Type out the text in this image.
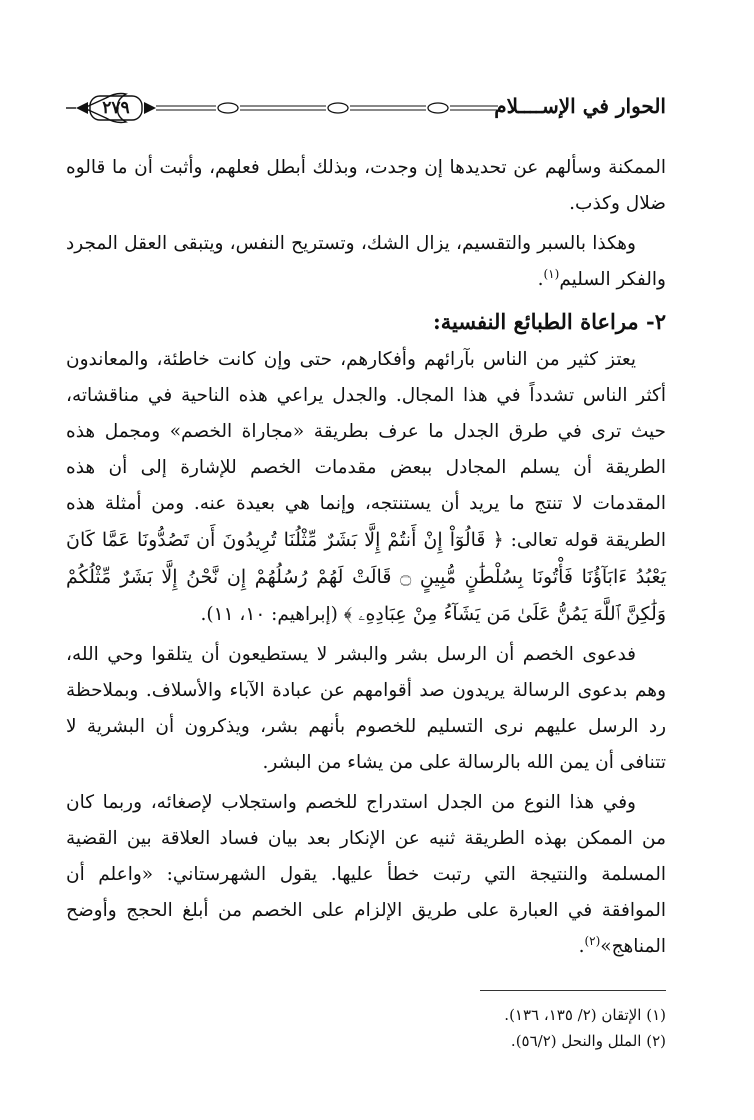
٢٧٩	الحوار في الإســــلام

الممكنة وسألهم عن تحديدها إن وجدت، وبذلك أبطل فعلهم، وأثبت أن ما قالوه ضلال وكذب.

وهكذا بالسبر والتقسيم، يزال الشك، وتستريح النفس، ويتبقى العقل المجرد والفكر السليم$^{(١)}$.

٢- مراعاة الطبائع النفسية:

يعتز كثير من الناس بآرائهم وأفكارهم، حتى وإن كانت خاطئة، والمعاندون أكثر الناس تشدداً في هذا المجال. والجدل يراعي هذه الناحية في مناقشاته، حيث ترى في طرق الجدل ما عرف بطريقة «مجاراة الخصم» ومجمل هذه الطريقة أن يسلم المجادل ببعض مقدمات الخصم للإشارة إلى أن هذه المقدمات لا تنتج ما يريد أن يستنتجه، وإنما هي بعيدة عنه. ومن أمثلة هذه الطريقة قوله تعالى: ﴿ قَالُوٓاْ إِنْ أَنتُمْ إِلَّا بَشَرٌ مِّثْلُنَا تُرِيدُونَ أَن تَصُدُّونَا عَمَّا كَانَ يَعْبُدُ ءَابَآؤُنَا فَأْتُونَا بِسُلْطَٰنٍ مُّبِينٍ ۝ قَالَتْ لَهُمْ رُسُلُهُمْ إِن نَّحْنُ إِلَّا بَشَرٌ مِّثْلُكُمْ وَلَٰكِنَّ ٱللَّهَ يَمُنُّ عَلَىٰ مَن يَشَآءُ مِنْ عِبَادِهِۦ ﴾ (إبراهيم: ١٠، ١١).

فدعوى الخصم أن الرسل بشر والبشر لا يستطيعون أن يتلقوا وحي الله، وهم بدعوى الرسالة يريدون صد أقوامهم عن عبادة الآباء والأسلاف. وبملاحظة رد الرسل عليهم نرى التسليم للخصوم بأنهم بشر، ويذكرون أن البشرية لا تتنافى أن يمن الله بالرسالة على من يشاء من البشر.

وفي هذا النوع من الجدل استدراج للخصم واستجلاب لإصغائه، وربما كان من الممكن بهذه الطريقة ثنيه عن الإنكار بعد بيان فساد العلاقة بين القضية المسلمة والنتيجة التي رتبت خطأ عليها. يقول الشهرستاني: «واعلم أن الموافقة في العبارة على طريق الإلزام على الخصم من أبلغ الحجج وأوضح المناهج»$^{(٢)}$.

(١) الإتقان (٢/ ١٣٥، ١٣٦).

(٢) الملل والنحل (٥٦/٢).
